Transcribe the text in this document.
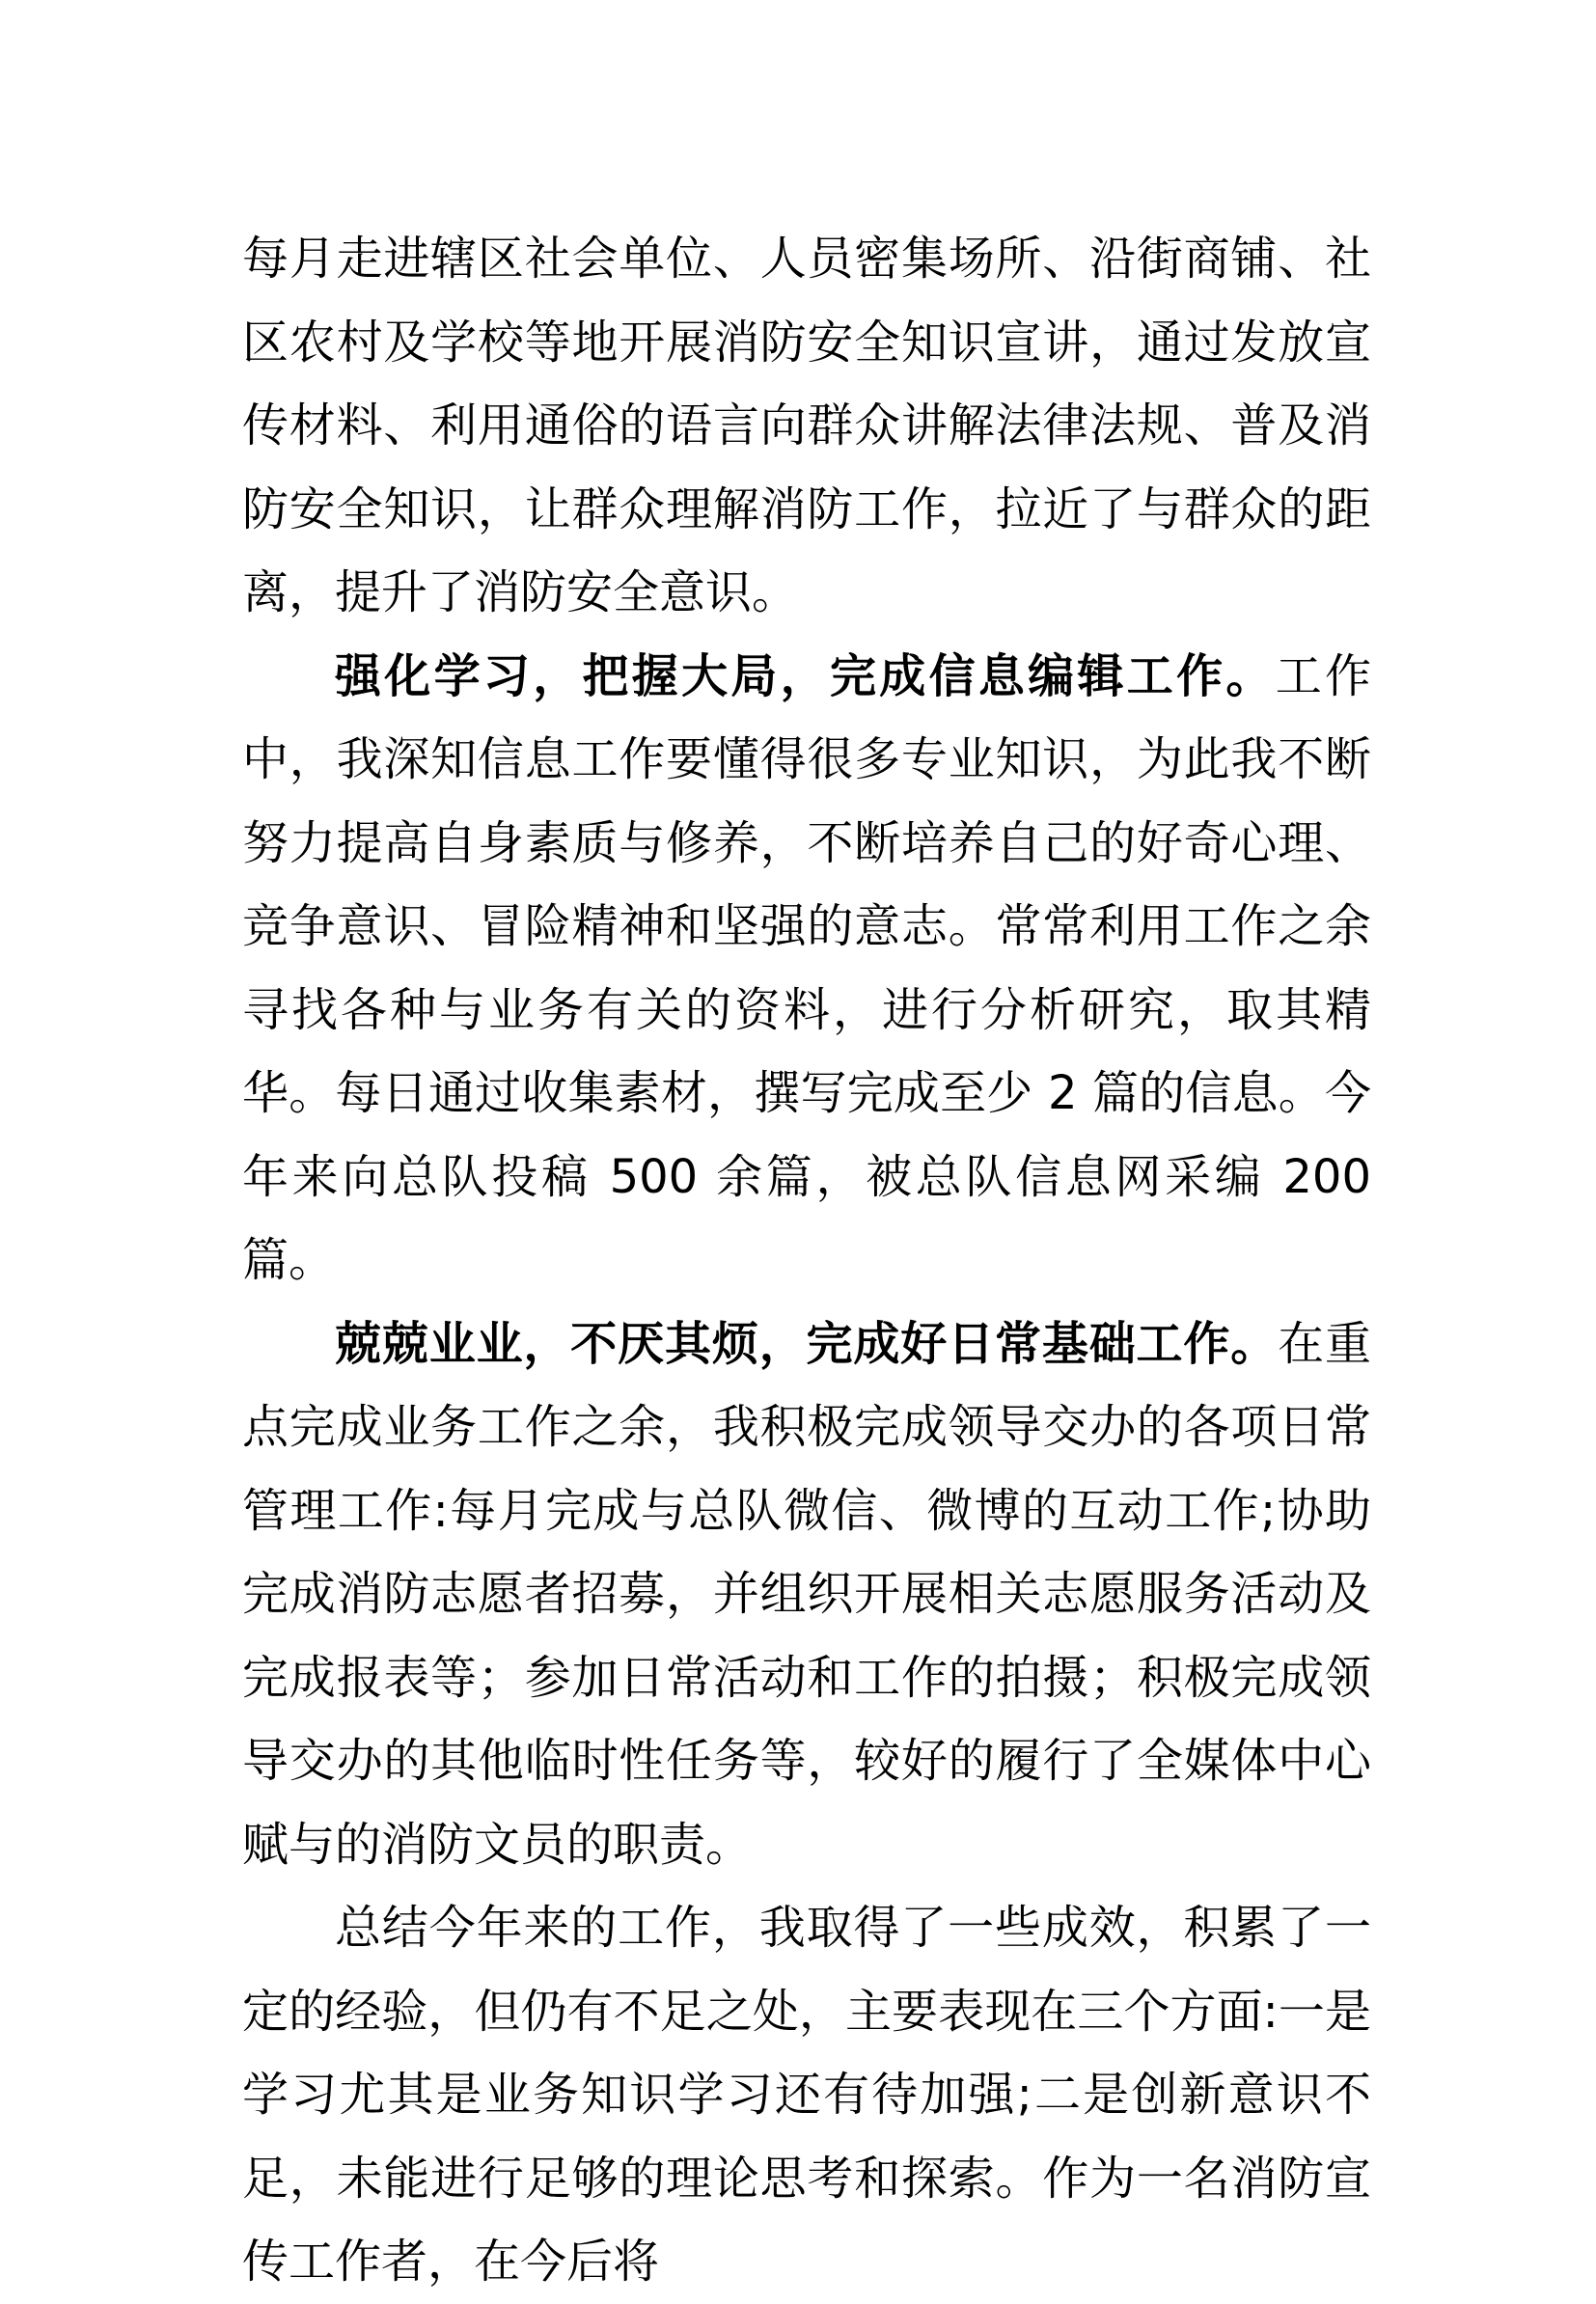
每月走进辖区社会单位、人员密集场所、沿街商铺、社区农村及学校等地开展消防安全知识宣讲，通过发放宣传材料、利用通俗的语言向群众讲解法律法规、普及消防安全知识，让群众理解消防工作，拉近了与群众的距离，提升了消防安全意识。

强化学习，把握大局，完成信息编辑工作。工作中，我深知信息工作要懂得很多专业知识，为此我不断努力提高自身素质与修养，不断培养自己的好奇心理、竞争意识、冒险精神和坚强的意志。常常利用工作之余寻找各种与业务有关的资料，进行分析研究，取其精华。每日通过收集素材，撰写完成至少 2 篇的信息。今年来向总队投稿 500 余篇，被总队信息网采编 200 篇。

兢兢业业，不厌其烦，完成好日常基础工作。在重点完成业务工作之余，我积极完成领导交办的各项日常管理工作:每月完成与总队微信、微博的互动工作;协助完成消防志愿者招募，并组织开展相关志愿服务活动及完成报表等；参加日常活动和工作的拍摄；积极完成领导交办的其他临时性任务等，较好的履行了全媒体中心赋与的消防文员的职责。

总结今年来的工作，我取得了一些成效，积累了一定的经验，但仍有不足之处，主要表现在三个方面:一是学习尤其是业务知识学习还有待加强;二是创新意识不足，未能进行足够的理论思考和探索。作为一名消防宣传工作者，在今后将
